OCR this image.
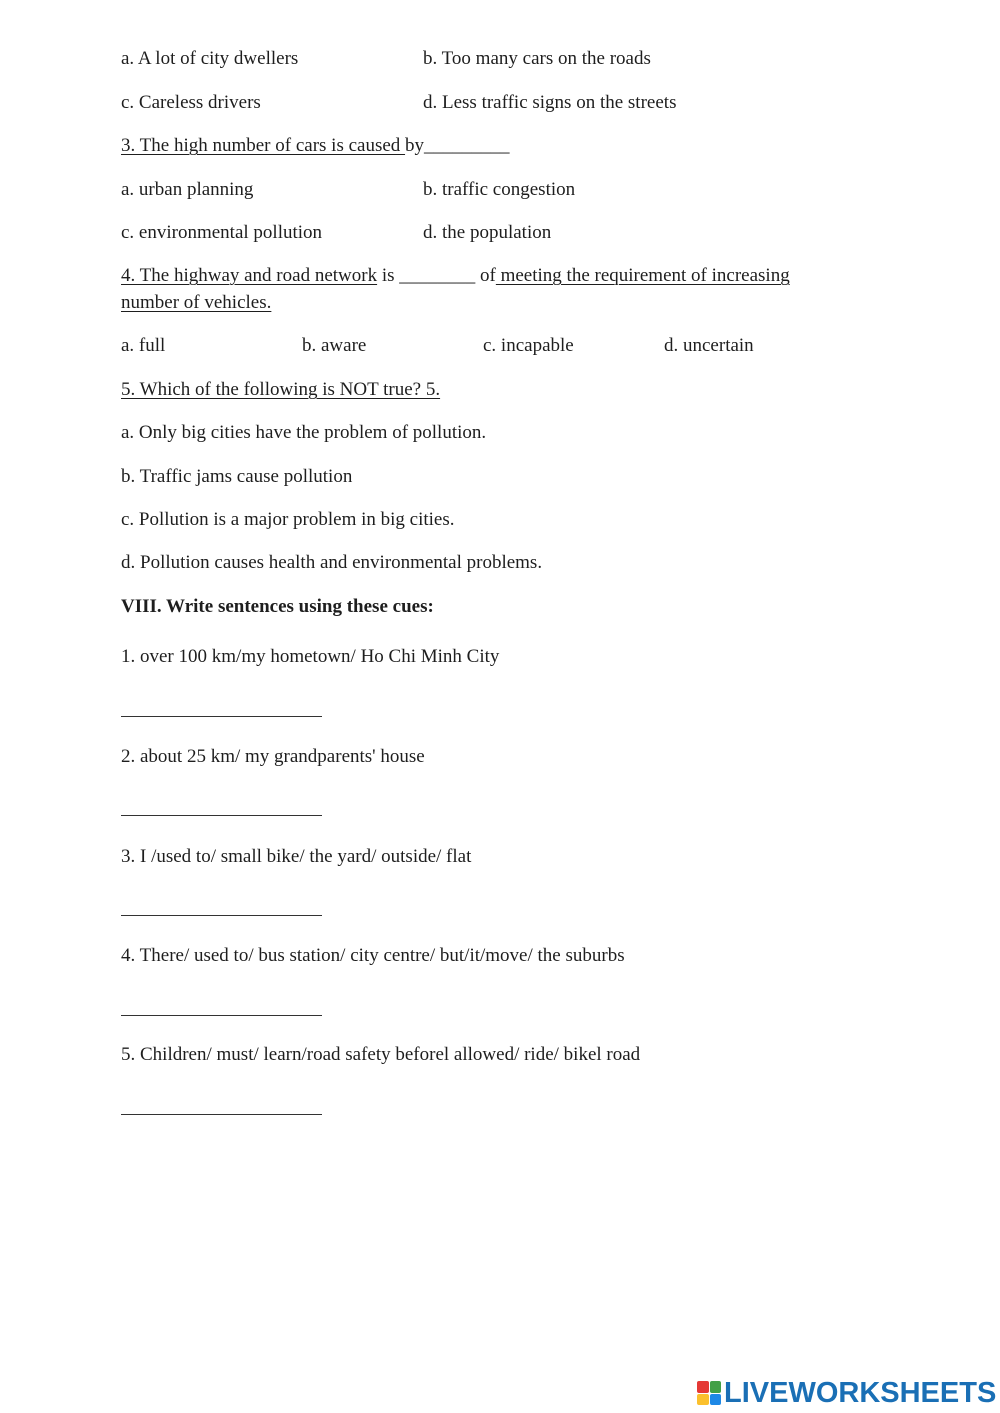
a. A lot of city dwellers	b. Too many cars on the roads
c. Careless drivers	d. Less traffic signs on the streets
3. The high number of cars is caused by_________
a. urban planning	b. traffic congestion
c. environmental pollution	d. the population
4. The highway and road network is ________ of meeting the requirement of increasing
number of vehicles.
a. full	b. aware	c. incapable	d. uncertain
5. Which of the following is NOT true? 5.
a. Only big cities have the problem of pollution.
b. Traffic jams cause pollution
c. Pollution is a major problem in big cities.
d. Pollution causes health and environmental problems.
VIII. Write sentences using these cues:
1. over 100 km/my hometown/ Ho Chi Minh City
2. about 25 km/ my grandparents' house
3. I /used to/ small bike/ the yard/ outside/ flat
4. There/ used to/ bus station/ city centre/ but/it/move/ the suburbs
5. Children/ must/ learn/road safety beforel allowed/ ride/ bikel road
LIVEWORKSHEETS
